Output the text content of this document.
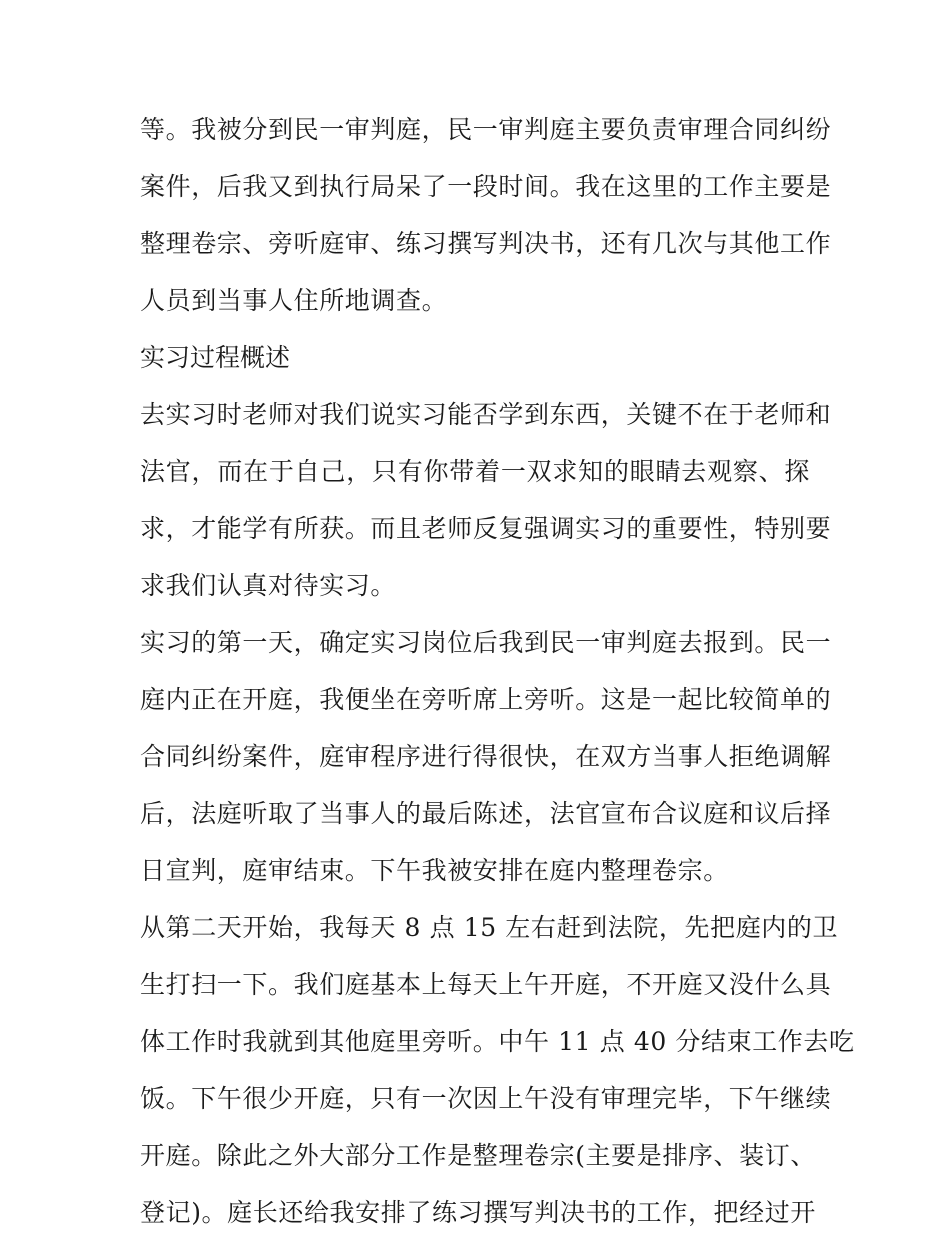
等。我被分到民一审判庭，民一审判庭主要负责审理合同纠纷
案件，后我又到执行局呆了一段时间。我在这里的工作主要是
整理卷宗、旁听庭审、练习撰写判决书，还有几次与其他工作
人员到当事人住所地调查。
实习过程概述
去实习时老师对我们说实习能否学到东西，关键不在于老师和
法官，而在于自己，只有你带着一双求知的眼睛去观察、探
求，才能学有所获。而且老师反复强调实习的重要性，特别要
求我们认真对待实习。
实习的第一天，确定实习岗位后我到民一审判庭去报到。民一
庭内正在开庭，我便坐在旁听席上旁听。这是一起比较简单的
合同纠纷案件，庭审程序进行得很快，在双方当事人拒绝调解
后，法庭听取了当事人的最后陈述，法官宣布合议庭和议后择
日宣判，庭审结束。下午我被安排在庭内整理卷宗。
从第二天开始，我每天 8 点 15 左右赶到法院，先把庭内的卫
生打扫一下。我们庭基本上每天上午开庭，不开庭又没什么具
体工作时我就到其他庭里旁听。中午 11 点 40 分结束工作去吃
饭。下午很少开庭，只有一次因上午没有审理完毕，下午继续
开庭。除此之外大部分工作是整理卷宗(主要是排序、装订、
登记)。庭长还给我安排了练习撰写判决书的工作，把经过开
